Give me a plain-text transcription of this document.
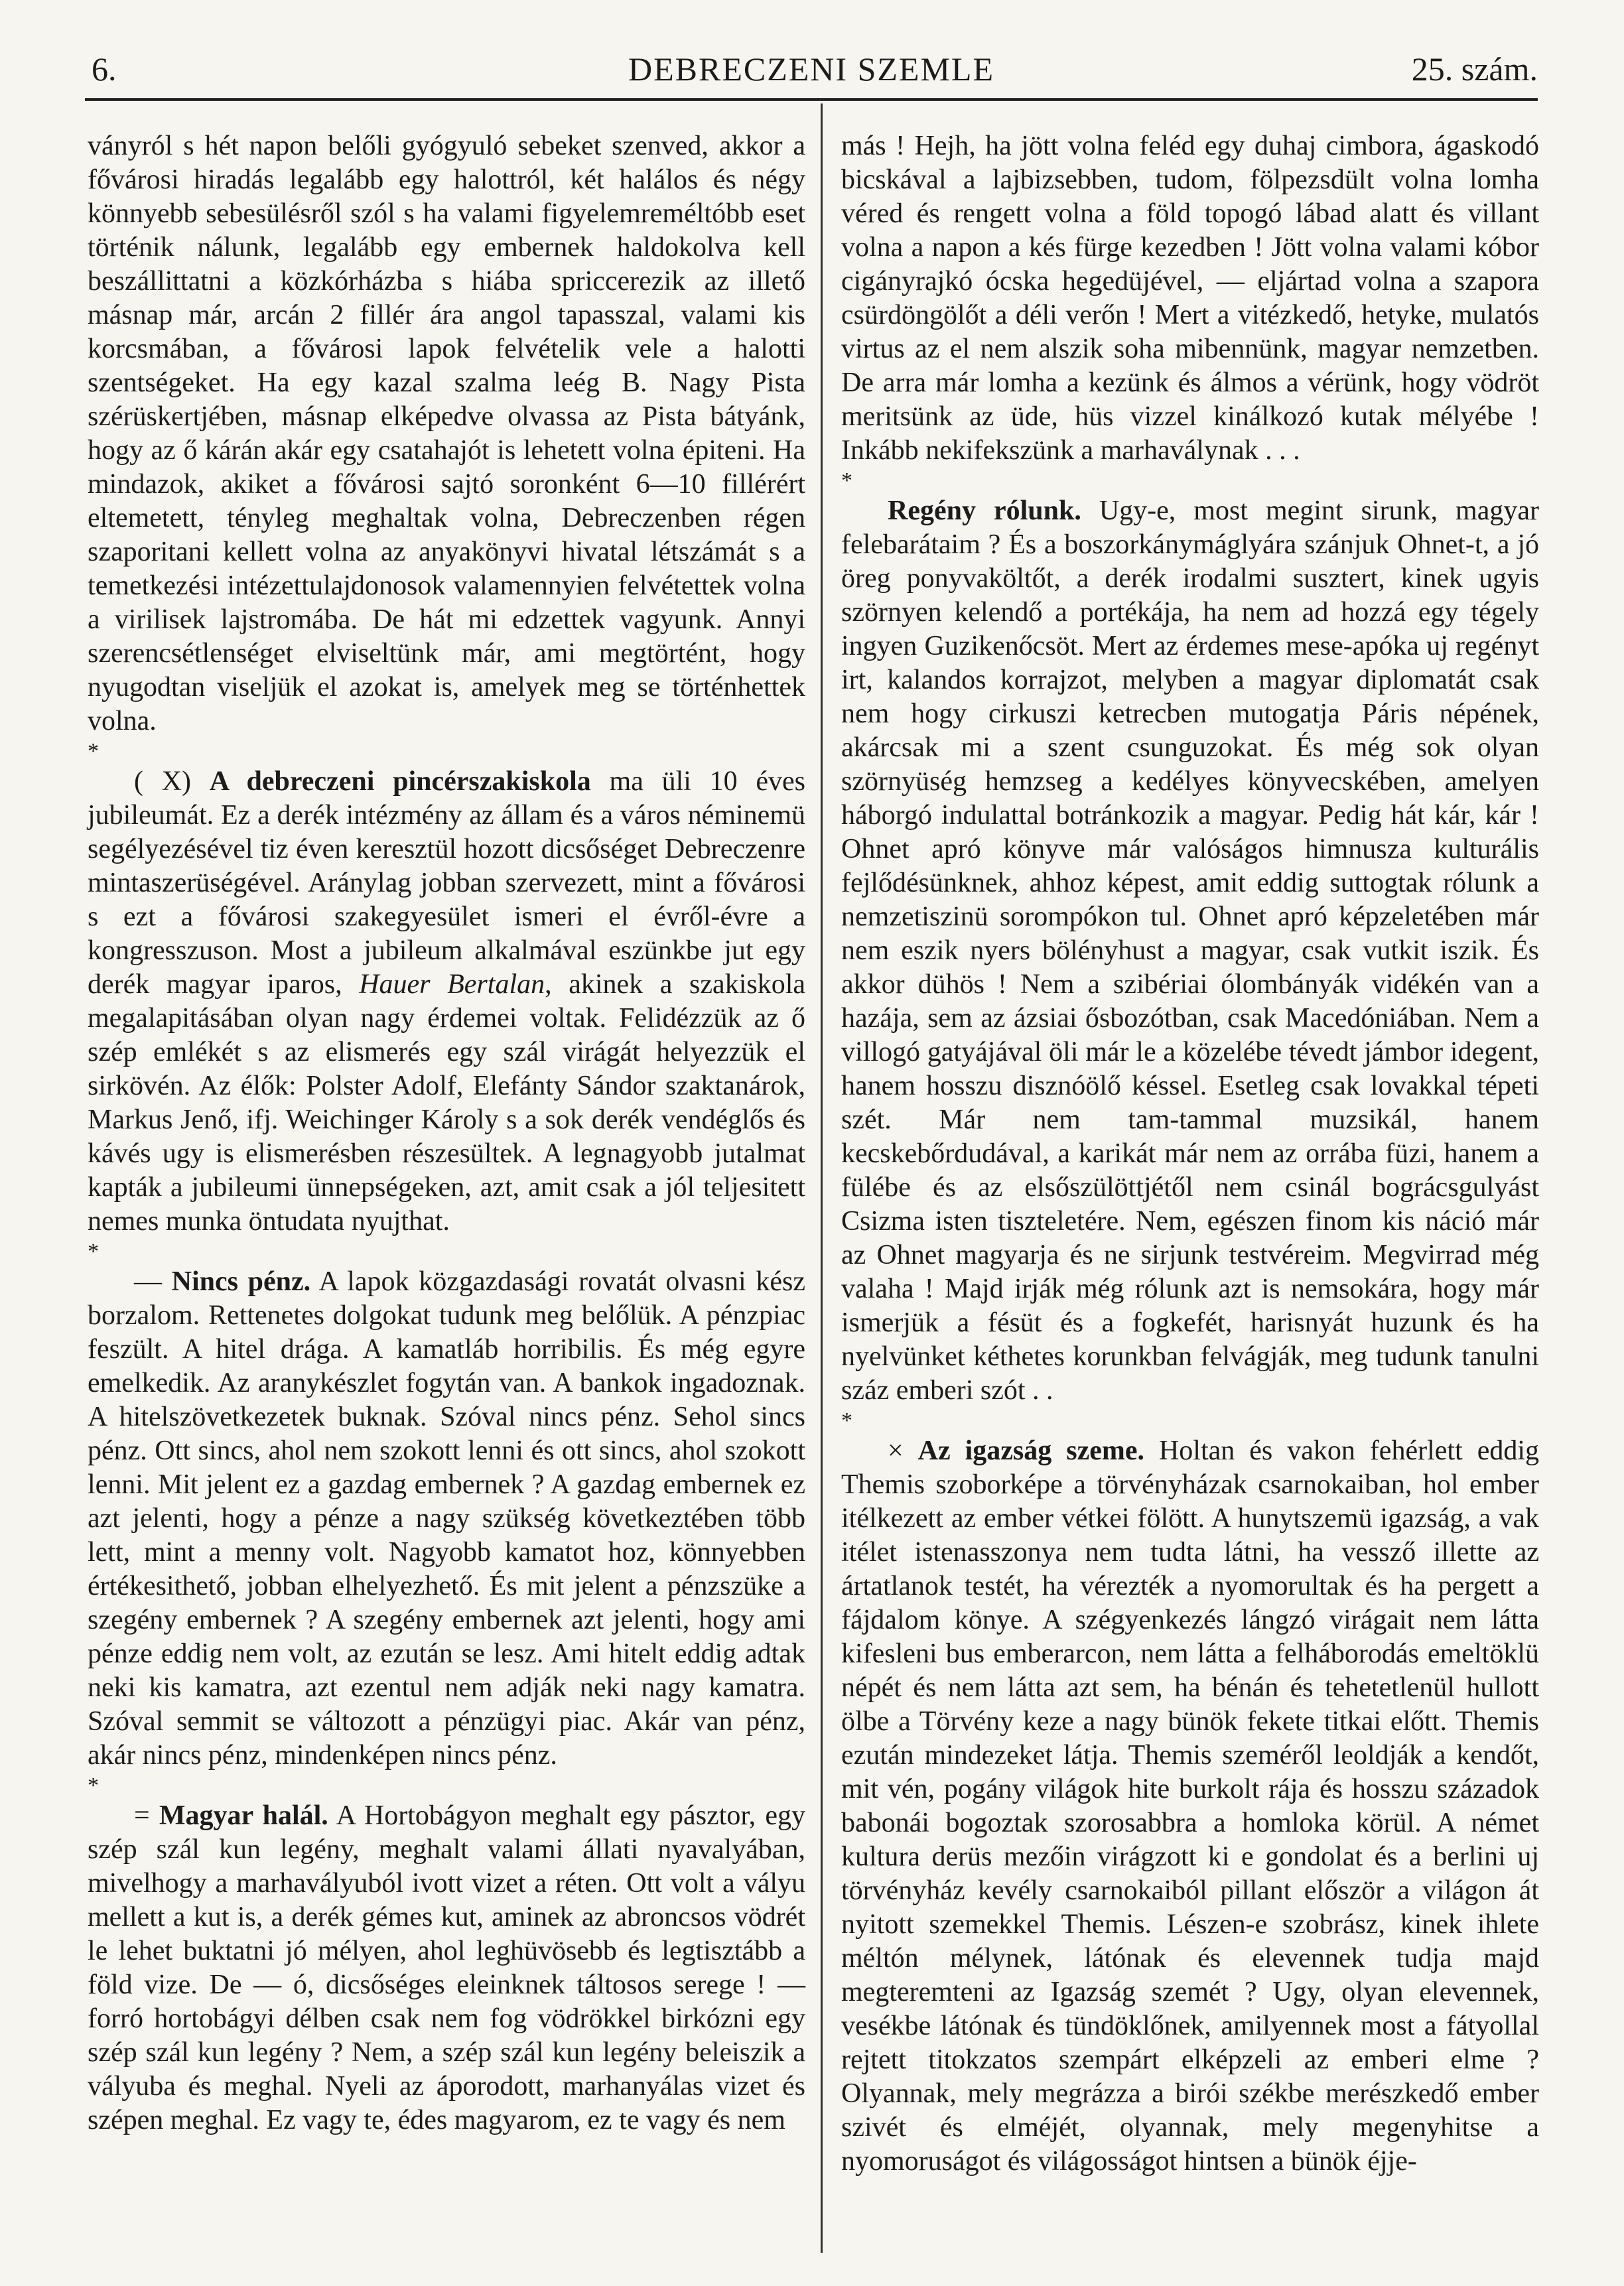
6.	DEBRECZENI SZEMLE	25. szám.

ványról s hét napon belőli gyógyuló sebeket szenved, akkor a fővárosi hiradás legalább egy halottról, két halálos és négy könnyebb sebesülésről szól s ha valami figyelemreméltóbb eset történik nálunk, legalább egy embernek haldokolva kell beszállittatni a közkórházba s hiába spriccerezik az illető másnap már, arcán 2 fillér ára angol tapasszal, valami kis korcsmában, a fővárosi lapok felvételik vele a halotti szentségeket. Ha egy kazal szalma leég B. Nagy Pista szérüskertjében, másnap elképedve olvassa az Pista bátyánk, hogy az ő kárán akár egy csatahajót is lehetett volna épiteni. Ha mindazok, akiket a fővárosi sajtó soronként 6—10 fillérért eltemetett, tényleg meghaltak volna, Debreczenben régen szaporitani kellett volna az anyakönyvi hivatal létszámát s a temetkezési intézettulajdonosok valamennyien felvétettek volna a virilisek lajstromába. De hát mi edzettek vagyunk. Annyi szerencsétlenséget elviseltünk már, ami megtörtént, hogy nyugodtan viseljük el azokat is, amelyek meg se történhettek volna.

*

( X) A debreczeni pincérszakiskola ma üli 10 éves jubileumát. Ez a derék intézmény az állam és a város néminemü segélyezésével tiz éven keresztül hozott dicsőséget Debreczenre mintaszerüségével. Aránylag jobban szervezett, mint a fővárosi s ezt a fővárosi szakegyesület ismeri el évről-évre a kongresszuson. Most a jubileum alkalmával eszünkbe jut egy derék magyar iparos, Hauer Bertalan, akinek a szakiskola megalapitásában olyan nagy érdemei voltak. Felidézzük az ő szép emlékét s az elismerés egy szál virágát helyezzük el sirkövén. Az élők: Polster Adolf, Elefánty Sándor szaktanárok, Markus Jenő, ifj. Weichinger Károly s a sok derék vendéglős és kávés ugy is elismerésben részesültek. A legnagyobb jutalmat kapták a jubileumi ünnepségeken, azt, amit csak a jól teljesitett nemes munka öntudata nyujthat.

*

— Nincs pénz. A lapok közgazdasági rovatát olvasni kész borzalom. Rettenetes dolgokat tudunk meg belőlük. A pénzpiac feszült. A hitel drága. A kamatláb horribilis. És még egyre emelkedik. Az aranykészlet fogytán van. A bankok ingadoznak. A hitelszövetkezetek buknak. Szóval nincs pénz. Sehol sincs pénz. Ott sincs, ahol nem szokott lenni és ott sincs, ahol szokott lenni. Mit jelent ez a gazdag embernek ? A gazdag embernek ez azt jelenti, hogy a pénze a nagy szükség következtében több lett, mint a menny volt. Nagyobb kamatot hoz, könnyebben értékesithető, jobban elhelyezhető. És mit jelent a pénzszüke a szegény embernek ? A szegény embernek azt jelenti, hogy ami pénze eddig nem volt, az ezután se lesz. Ami hitelt eddig adtak neki kis kamatra, azt ezentul nem adják neki nagy kamatra. Szóval semmit se változott a pénzügyi piac. Akár van pénz, akár nincs pénz, mindenképen nincs pénz.

*

= Magyar halál. A Hortobágyon meghalt egy pásztor, egy szép szál kun legény, meghalt valami állati nyavalyában, mivelhogy a marhavályuból ivott vizet a réten. Ott volt a vályu mellett a kut is, a derék gémes kut, aminek az abroncsos vödrét le lehet buktatni jó mélyen, ahol leghüvösebb és legtisztább a föld vize. De — ó, dicsőséges eleinknek táltosos serege ! — forró hortobágyi délben csak nem fog vödrökkel birkózni egy szép szál kun legény ? Nem, a szép szál kun legény beleiszik a vályuba és meghal. Nyeli az áporodott, marhanyálas vizet és szépen meghal. Ez vagy te, édes magyarom, ez te vagy és nem

más ! Hejh, ha jött volna feléd egy duhaj cimbora, ágaskodó bicskával a lajbizsebben, tudom, fölpezsdült volna lomha véred és rengett volna a föld topogó lábad alatt és villant volna a napon a kés fürge kezedben ! Jött volna valami kóbor cigányrajkó ócska hegedüjével, — eljártad volna a szapora csürdöngölőt a déli verőn ! Mert a vitézkedő, hetyke, mulatós virtus az el nem alszik soha mibennünk, magyar nemzetben. De arra már lomha a kezünk és álmos a vérünk, hogy vödröt meritsünk az üde, hüs vizzel kinálkozó kutak mélyébe ! Inkább nekifekszünk a marhaválynak . . .

*

Regény rólunk. Ugy-e, most megint sirunk, magyar felebarátaim ? És a boszorkánymáglyára szánjuk Ohnet-t, a jó öreg ponyvaköltőt, a derék irodalmi susztert, kinek ugyis szörnyen kelendő a portékája, ha nem ad hozzá egy tégely ingyen Guzikenőcsöt. Mert az érdemes mese-apóka uj regényt irt, kalandos korrajzot, melyben a magyar diplomatát csak nem hogy cirkuszi ketrecben mutogatja Páris népének, akárcsak mi a szent csunguzokat. És még sok olyan szörnyüség hemzseg a kedélyes könyvecskében, amelyen háborgó indulattal botránkozik a magyar. Pedig hát kár, kár ! Ohnet apró könyve már valóságos himnusza kulturális fejlődésünknek, ahhoz képest, amit eddig suttogtak rólunk a nemzetiszinü sorompókon tul. Ohnet apró képzeletében már nem eszik nyers bölényhust a magyar, csak vutkit iszik. És akkor dühös ! Nem a szibériai ólombányák vidékén van a hazája, sem az ázsiai ősbozótban, csak Macedóniában. Nem a villogó gatyájával öli már le a közelébe tévedt jámbor idegent, hanem hosszu disznóölő késsel. Esetleg csak lovakkal tépeti szét. Már nem tam-tammal muzsikál, hanem kecskebőrdudával, a karikát már nem az orrába füzi, hanem a fülébe és az elsőszülöttjétől nem csinál bográcsgulyást Csizma isten tiszteletére. Nem, egészen finom kis náció már az Ohnet magyarja és ne sirjunk testvéreim. Megvirrad még valaha ! Majd irják még rólunk azt is nemsokára, hogy már ismerjük a fésüt és a fogkefét, harisnyát huzunk és ha nyelvünket kéthetes korunkban felvágják, meg tudunk tanulni száz emberi szót . .

*

× Az igazság szeme. Holtan és vakon fehérlett eddig Themis szoborképe a törvényházak csarnokaiban, hol ember itélkezett az ember vétkei fölött. A hunytszemü igazság, a vak itélet istenasszonya nem tudta látni, ha vessző illette az ártatlanok testét, ha vérezték a nyomorultak és ha pergett a fájdalom könye. A szégyenkezés lángzó virágait nem látta kifesleni bus emberarcon, nem látta a felháborodás emeltöklü népét és nem látta azt sem, ha bénán és tehetetlenül hullott ölbe a Törvény keze a nagy bünök fekete titkai előtt. Themis ezután mindezeket látja. Themis szeméről leoldják a kendőt, mit vén, pogány világok hite burkolt rája és hosszu századok babonái bogoztak szorosabbra a homloka körül. A német kultura derüs mezőin virágzott ki e gondolat és a berlini uj törvényház kevély csarnokaiból pillant először a világon át nyitott szemekkel Themis. Lészen-e szobrász, kinek ihlete méltón mélynek, látónak és elevennek tudja majd megteremteni az Igazság szemét ? Ugy, olyan elevennek, vesékbe látónak és tündöklőnek, amilyennek most a fátyollal rejtett titokzatos szempárt elképzeli az emberi elme ? Olyannak, mely megrázza a birói székbe merészkedő ember szivét és elméjét, olyannak, mely megenyhitse a nyomoruságot és világosságot hintsen a bünök éjje-
